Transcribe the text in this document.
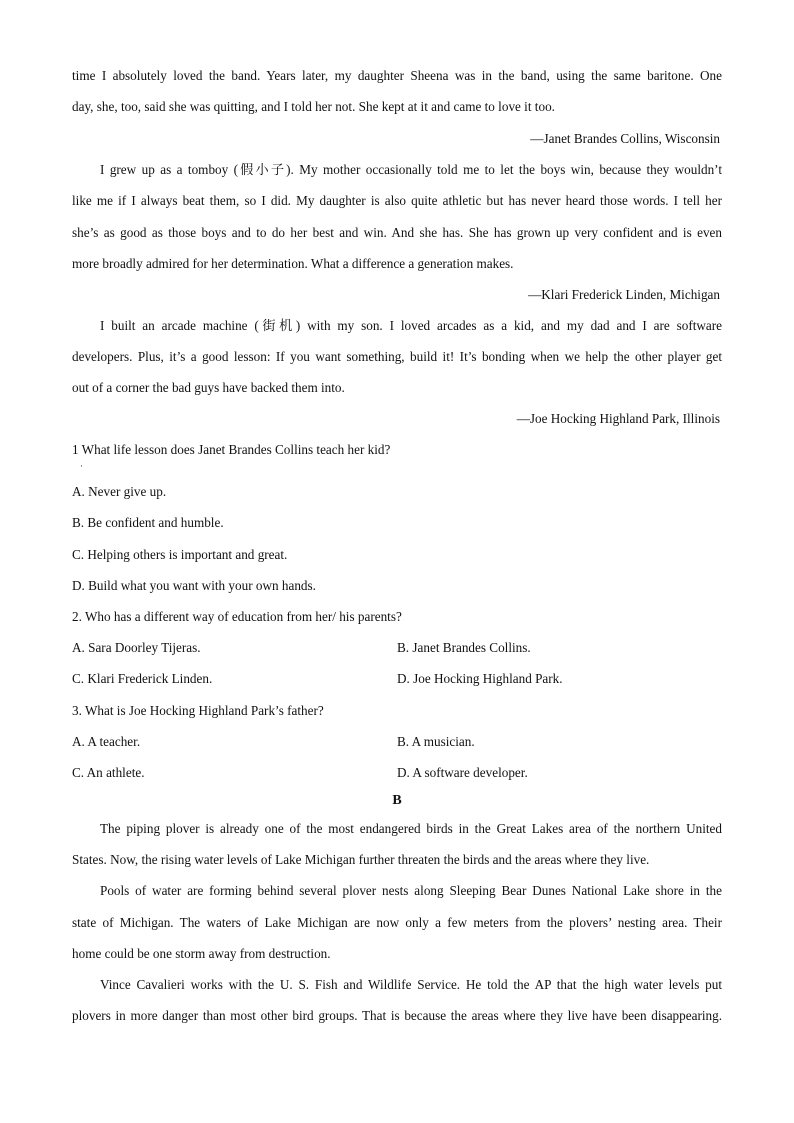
time I absolutely loved the band. Years later, my daughter Sheena was in the band, using the same baritone. One
day, she, too, said she was quitting, and I told her not. She kept at it and came to love it too.
—Janet Brandes Collins, Wisconsin
I grew up as a tomboy (假小子). My mother occasionally told me to let the boys win, because they wouldn’t
like me if I always beat them, so I did. My daughter is also quite athletic but has never heard those words. I tell her
she’s as good as those boys and to do her best and win. And she has. She has grown up very confident and is even
more broadly admired for her determination. What a difference a generation makes.
—Klari Frederick Linden, Michigan
I built an arcade machine (街机) with my son. I loved arcades as a kid, and my dad and I are software
developers. Plus, it’s a good lesson: If you want something, build it! It’s bonding when we help the other player get
out of a corner the bad guys have backed them into.
—Joe Hocking Highland Park, Illinois
1 What life lesson does Janet Brandes Collins teach her kid?
·
A. Never give up.
B. Be confident and humble.
C. Helping others is important and great.
D. Build what you want with your own hands.
2. Who has a different way of education from her/ his parents?
A. Sara Doorley Tijeras.	B. Janet Brandes Collins.
C. Klari Frederick Linden.	D. Joe Hocking Highland Park.
3. What is Joe Hocking Highland Park’s father?
A. A teacher.	B. A musician.
C. An athlete.	D. A software developer.
B
The piping plover is already one of the most endangered birds in the Great Lakes area of the northern United
States. Now, the rising water levels of Lake Michigan further threaten the birds and the areas where they live.
Pools of water are forming behind several plover nests along Sleeping Bear Dunes National Lake shore in the
state of Michigan. The waters of Lake Michigan are now only a few meters from the plovers’ nesting area. Their
home could be one storm away from destruction.
Vince Cavalieri works with the U. S. Fish and Wildlife Service. He told the AP that the high water levels put
plovers in more danger than most other bird groups. That is because the areas where they live have been disappearing.
